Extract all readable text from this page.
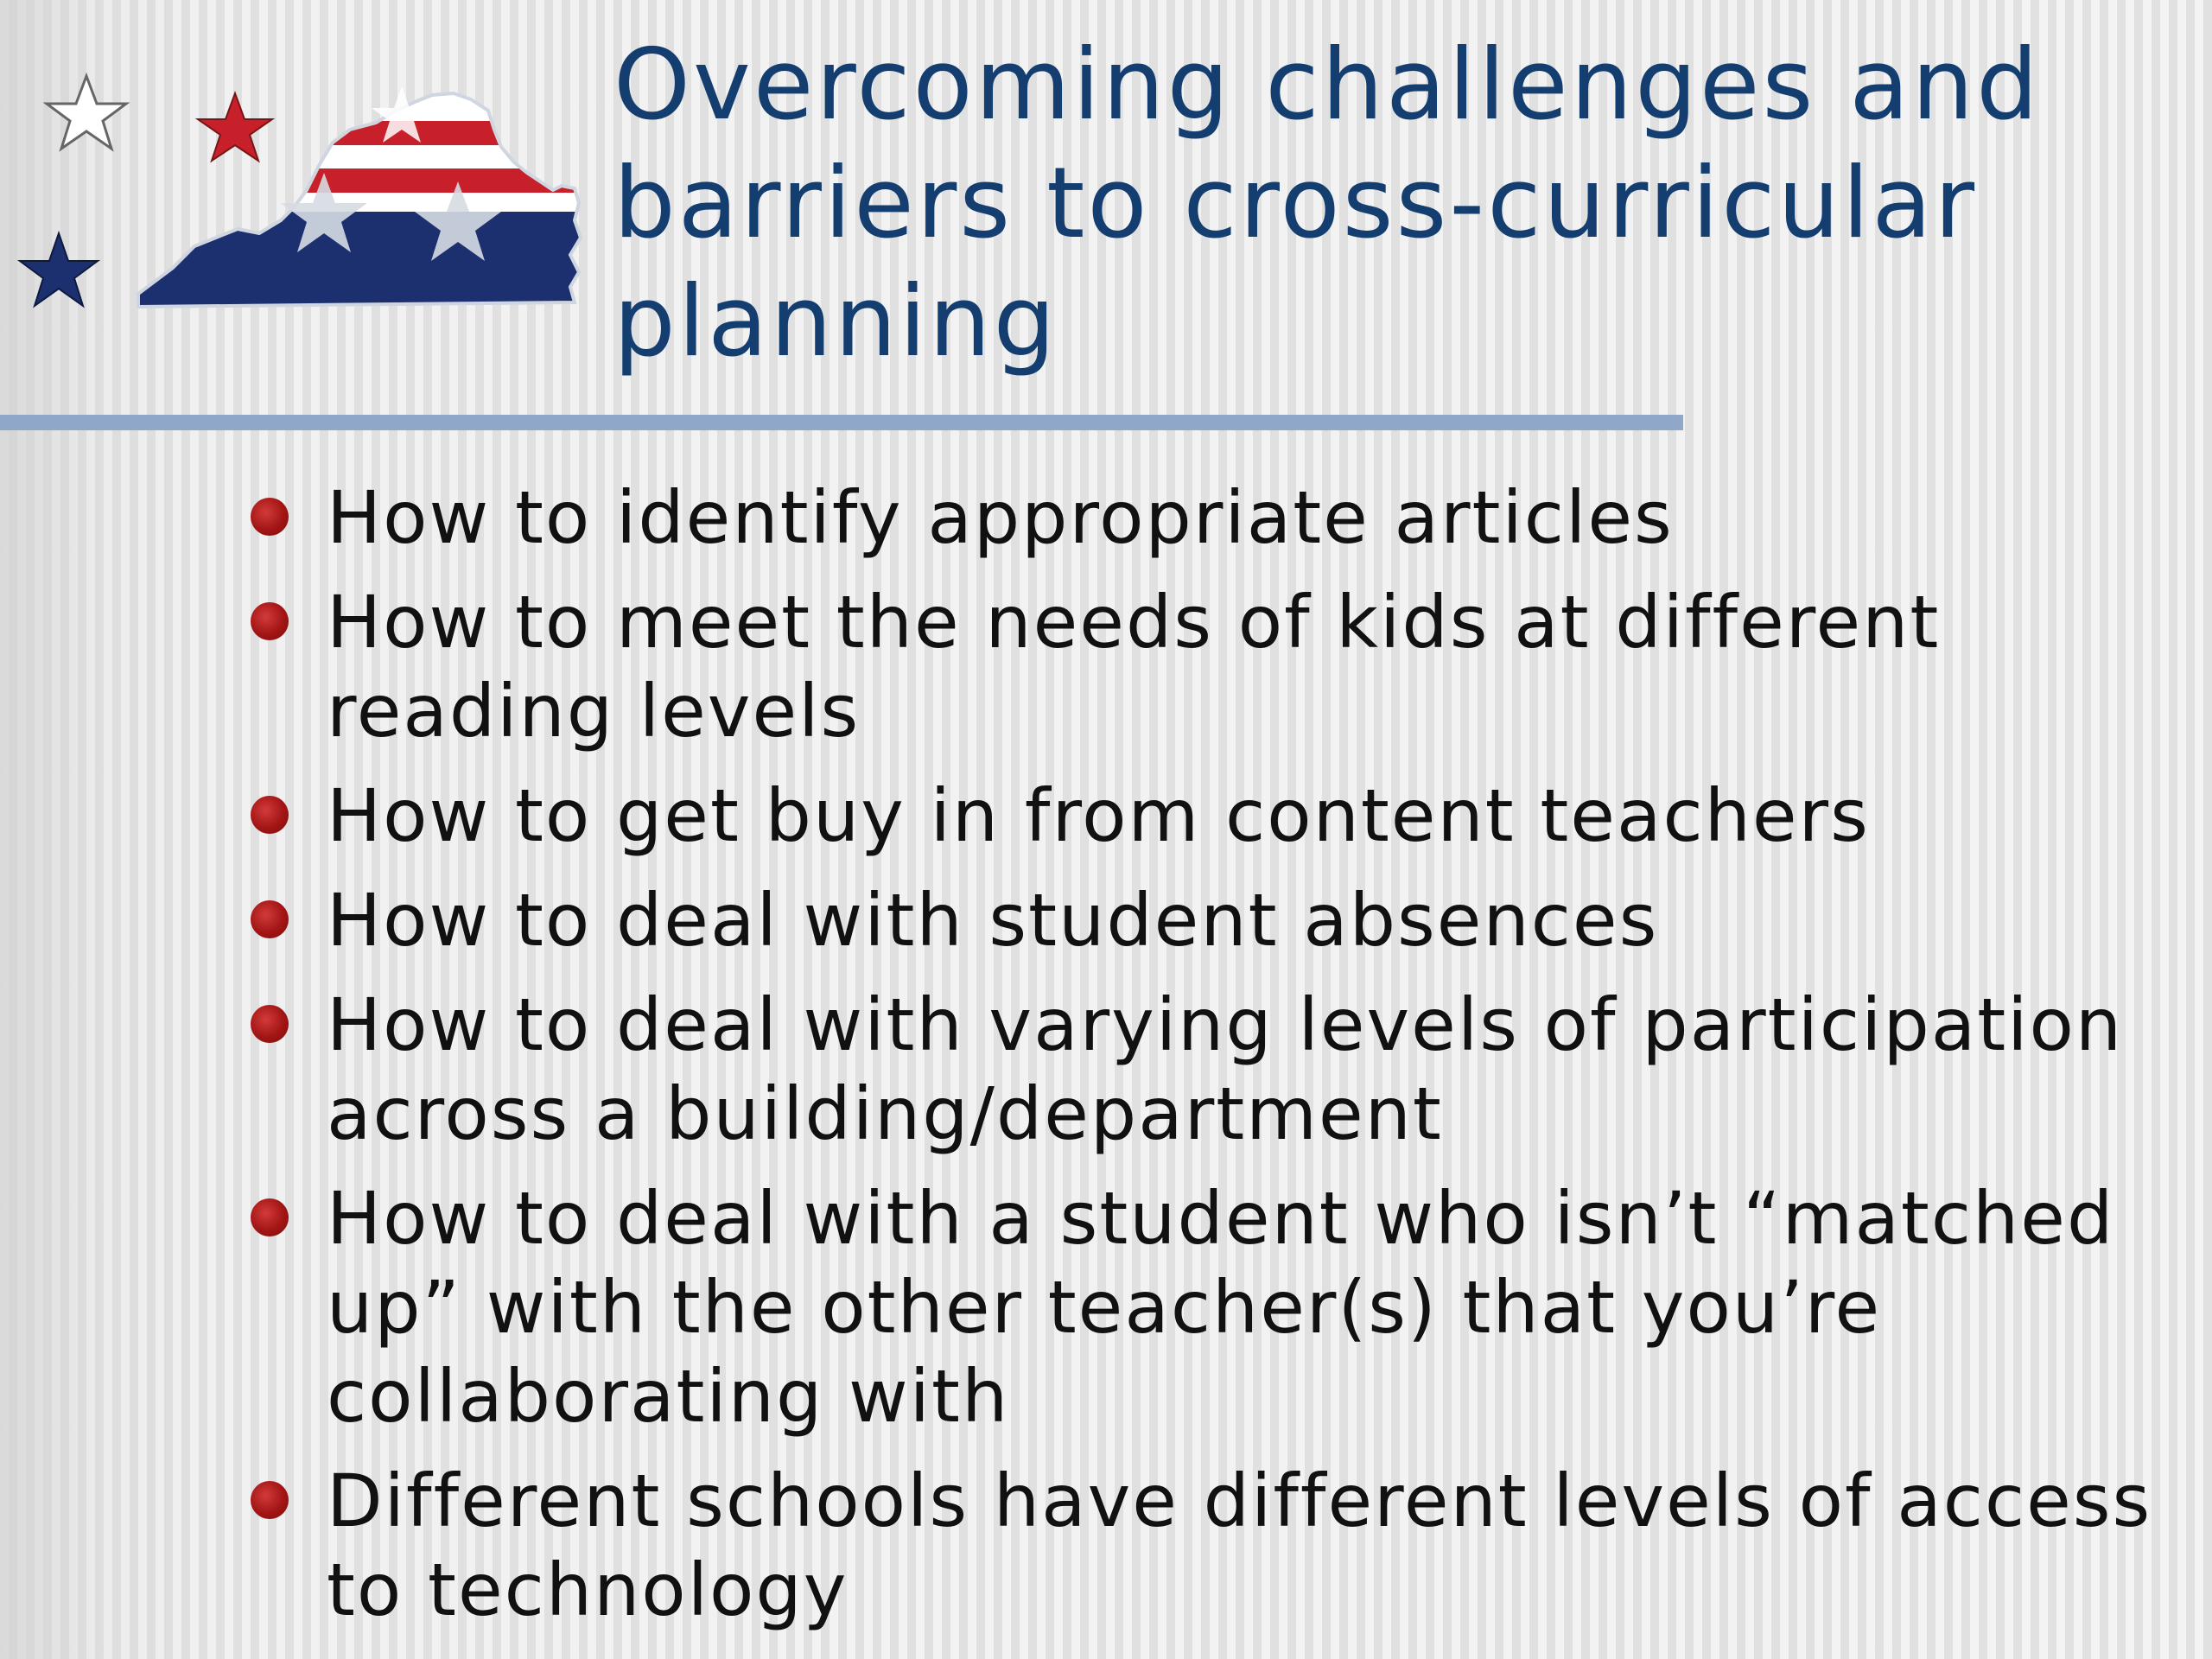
Overcoming challenges and barriers to cross-curricular planning
How to identify appropriate articles
How to meet the needs of kids at different reading levels
How to get buy in from content teachers
How to deal with student absences
How to deal with varying levels of participation across a building/department
How to deal with a student who isn’t “matched up” with the other teacher(s) that you’re collaborating with
Different schools have different levels of access to technology
